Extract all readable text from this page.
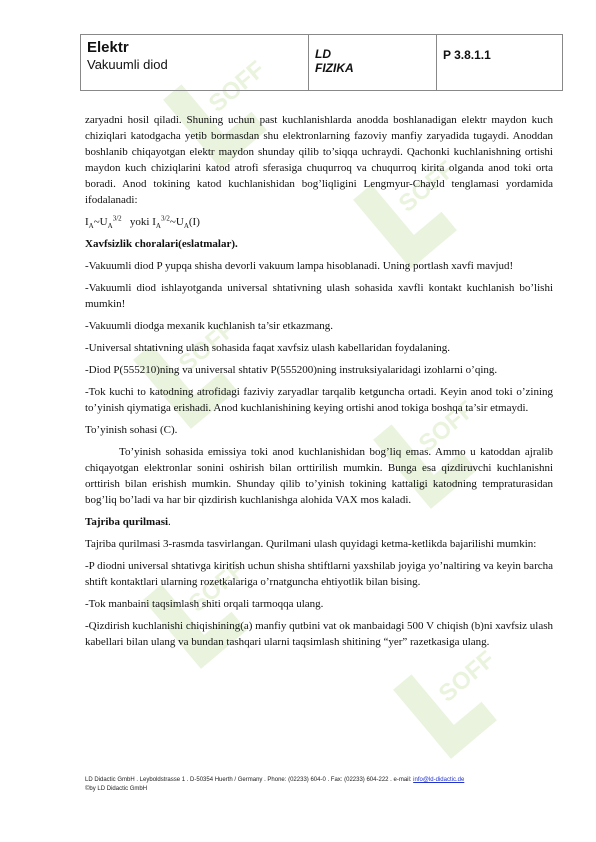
SOFF
SOFF
SOFF
SOFF
SOFF
SOFF
Elektr
Vakuumli diod
LD
FIZIKA
P 3.8.1.1

zaryadni hosil qiladi. Shuning uchun past kuchlanishlarda anodda boshlanadigan elektr maydon kuch chiziqlari katodgacha yetib bormasdan shu elektronlarning fazoviy manfiy zaryadida tugaydi. Anoddan boshlanib chiqayotgan elektr maydon shunday qilib to’siqqa uchraydi. Qachonki kuchlanishning ortishi maydon kuch chiziqlarini katod atrofi sferasiga chuqurroq va chuqurroq kirita olganda anod toki orta boradi. Anod tokining katod kuchlanishidan bog’liqligini Lengmyur-Chayld tenglamasi yordamida ifodalanadi:

$I_A\sim U_A^{3/2}$ yoki $I_A^{3/2}\sim U_A(I)$

Xavfsizlik choralari(eslatmalar).

-Vakuumli diod P yupqa shisha devorli vakuum lampa hisoblanadi. Uning portlash xavfi mavjud!

-Vakuumli diod ishlayotganda universal shtativning ulash sohasida xavfli kontakt kuchlanish bo’lishi mumkin!

-Vakuumli diodga mexanik kuchlanish ta’sir etkazmang.

-Universal shtativning ulash sohasida faqat xavfsiz ulash kabellaridan foydalaning.

-Diod P(555210)ning va universal shtativ P(555200)ning instruksiyalaridagi izohlarni o’qing.

-Tok kuchi to katodning atrofidagi faziviy zaryadlar tarqalib ketguncha ortadi. Keyin anod toki o’zining to’yinish qiymatiga erishadi. Anod kuchlanishining keying ortishi anod tokiga boshqa ta’sir etmaydi.

To’yinish sohasi (C).

To’yinish sohasida emissiya toki anod kuchlanishidan bog’liq emas. Ammo u katoddan ajralib chiqayotgan elektronlar sonini oshirish bilan orttirilish mumkin. Bunga esa qizdiruvchi kuchlanishni orttirish bilan erishish mumkin. Shunday qilib to’yinish tokining kattaligi katodning tempraturasidan bog’liq bo’ladi va har bir qizdirish kuchlanishga alohida VAX mos kaladi.

Tajriba qurilmasi.

Tajriba qurilmasi 3-rasmda tasvirlangan. Qurilmani ulash quyidagi ketma-ketlikda bajarilishi mumkin:

-P diodni universal shtativga kiritish uchun shisha shtiftlarni yaxshilab joyiga yo’naltiring va keyin barcha shtift kontaktlari ularning rozetkalariga o’rnatguncha ehtiyotlik bilan bising.

-Tok manbaini taqsimlash shiti orqali tarmoqqa ulang.

-Qizdirish kuchlanishi chiqishining(a) manfiy qutbini vat ok manbaidagi 500 V chiqish (b)ni xavfsiz ulash kabellari bilan ulang va bundan tashqari ularni taqsimlash shitining “yer” razetkasiga ulang.

LD Didactic GmbH . Leyboldstrasse 1 . D-50354 Huerth / Germany . Phone: (02233) 604-0 . Fax: (02233) 604-222 . e-mail: info@ld-didactic.de
©by LD Didactic GmbH
